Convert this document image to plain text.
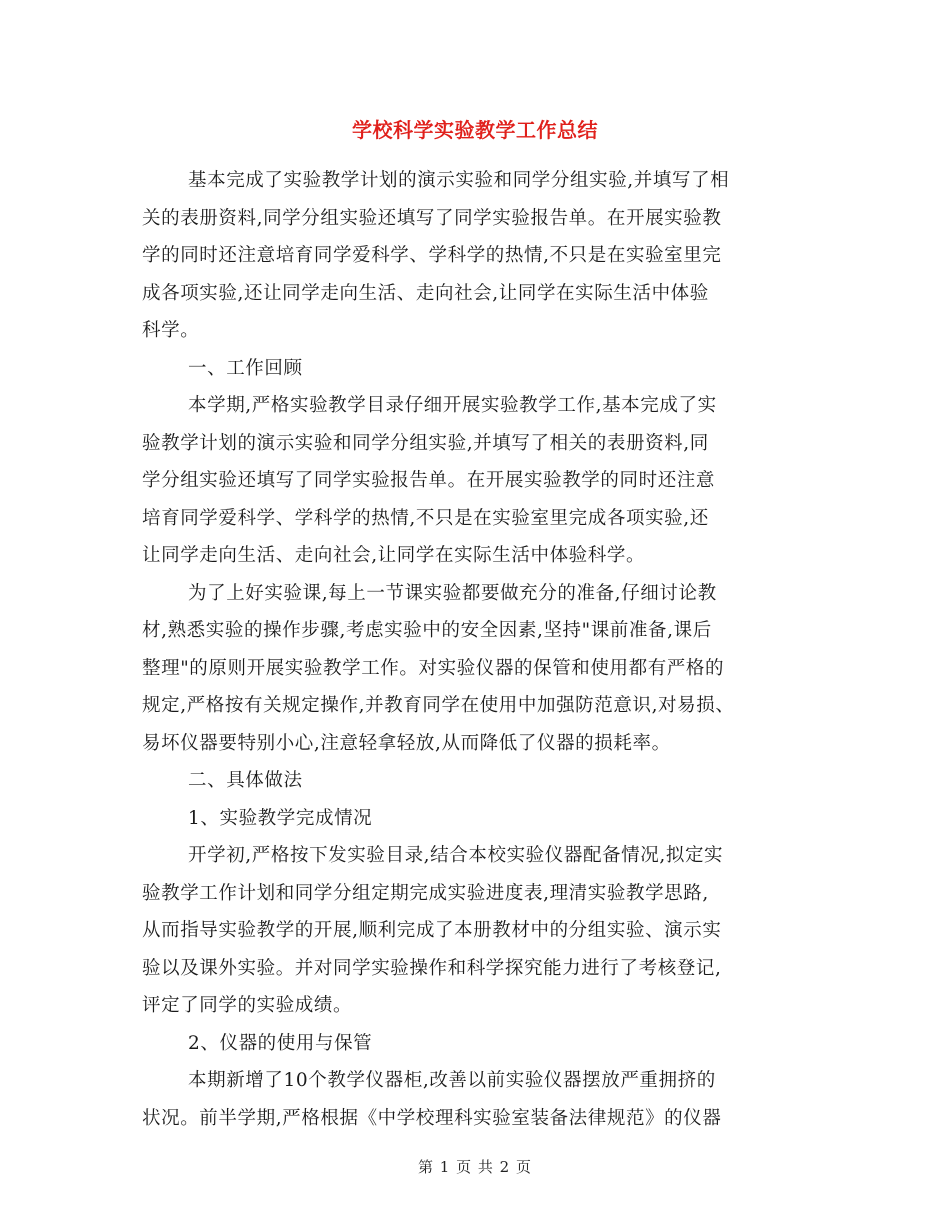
学校科学实验教学工作总结
基本完成了实验教学计划的演示实验和同学分组实验,并填写了相
关的表册资料,同学分组实验还填写了同学实验报告单。在开展实验教
学的同时还注意培育同学爱科学、学科学的热情,不只是在实验室里完
成各项实验,还让同学走向生活、走向社会,让同学在实际生活中体验
科学。
一、工作回顾
本学期,严格实验教学目录仔细开展实验教学工作,基本完成了实
验教学计划的演示实验和同学分组实验,并填写了相关的表册资料,同
学分组实验还填写了同学实验报告单。在开展实验教学的同时还注意
培育同学爱科学、学科学的热情,不只是在实验室里完成各项实验,还
让同学走向生活、走向社会,让同学在实际生活中体验科学。
为了上好实验课,每上一节课实验都要做充分的准备,仔细讨论教
材,熟悉实验的操作步骤,考虑实验中的安全因素,坚持"课前准备,课后
整理"的原则开展实验教学工作。对实验仪器的保管和使用都有严格的
规定,严格按有关规定操作,并教育同学在使用中加强防范意识,对易损、
易坏仪器要特别小心,注意轻拿轻放,从而降低了仪器的损耗率。
二、具体做法
1、实验教学完成情况
开学初,严格按下发实验目录,结合本校实验仪器配备情况,拟定实
验教学工作计划和同学分组定期完成实验进度表,理清实验教学思路,
从而指导实验教学的开展,顺利完成了本册教材中的分组实验、演示实
验以及课外实验。并对同学实验操作和科学探究能力进行了考核登记,
评定了同学的实验成绩。
2、仪器的使用与保管
本期新增了10个教学仪器柜,改善以前实验仪器摆放严重拥挤的
状况。前半学期,严格根据《中学校理科实验室装备法律规范》的仪器
第 1 页 共 2 页
